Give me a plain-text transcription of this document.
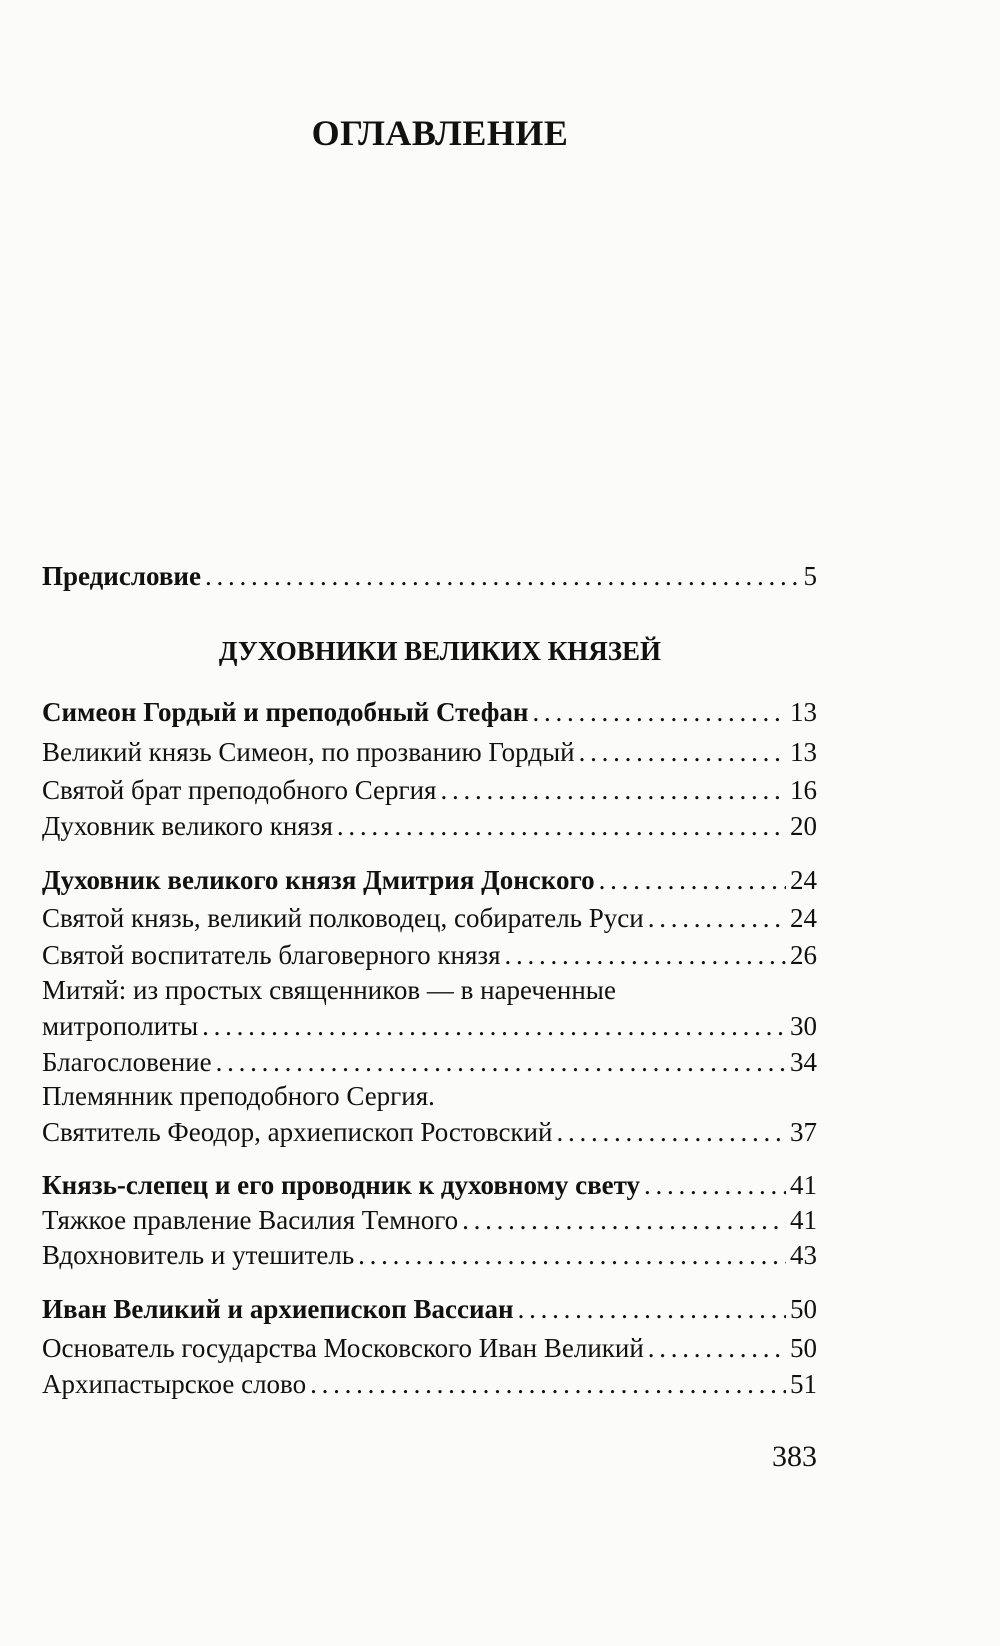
ОГЛАВЛЕНИЕ
Предисловие . . .	5
ДУХОВНИКИ ВЕЛИКИХ КНЯЗЕЙ
Симеон Гордый и преподобный Стефан . . .	13
Великий князь Симеон, по прозванию Гордый . . .	13
Святой брат преподобного Сергия . . .	16
Духовник великого князя . . .	20
Духовник великого князя Дмитрия Донского . . .	24
Святой князь, великий полководец, собиратель Руси . . .	24
Святой воспитатель благоверного князя . . .	26
Митяй: из простых священников — в нареченные
митрополиты . . .	30
Благословение . . .	34
Племянник преподобного Сергия.
Святитель Феодор, архиепископ Ростовский . . .	37
Князь-слепец и его проводник к духовному свету . . .	41
Тяжкое правление Василия Темного . . .	41
Вдохновитель и утешитель . . .	43
Иван Великий и архиепископ Вассиан . . .	50
Основатель государства Московского Иван Великий . . .	50
Архипастырское слово . . .	51
383
